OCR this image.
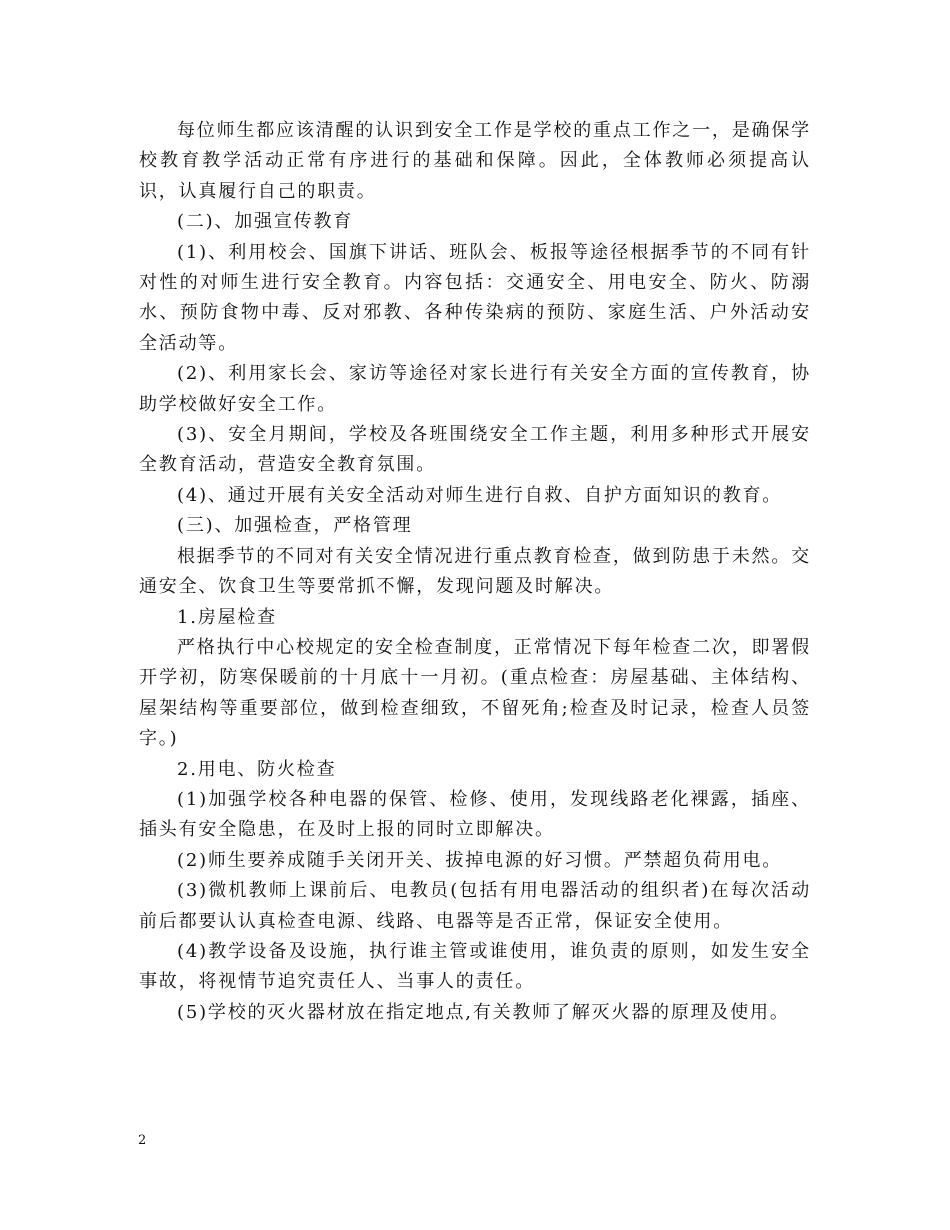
每位师生都应该清醒的认识到安全工作是学校的重点工作之一，是确保学校教育教学活动正常有序进行的基础和保障。因此，全体教师必须提高认识，认真履行自己的职责。

(二)、加强宣传教育

(1)、利用校会、国旗下讲话、班队会、板报等途径根据季节的不同有针对性的对师生进行安全教育。内容包括：交通安全、用电安全、防火、防溺水、预防食物中毒、反对邪教、各种传染病的预防、家庭生活、户外活动安全活动等。

(2)、利用家长会、家访等途径对家长进行有关安全方面的宣传教育，协助学校做好安全工作。

(3)、安全月期间，学校及各班围绕安全工作主题，利用多种形式开展安全教育活动，营造安全教育氛围。

(4)、通过开展有关安全活动对师生进行自救、自护方面知识的教育。

(三)、加强检查，严格管理

根据季节的不同对有关安全情况进行重点教育检查，做到防患于未然。交通安全、饮食卫生等要常抓不懈，发现问题及时解决。

1.房屋检查

严格执行中心校规定的安全检查制度，正常情况下每年检查二次，即署假开学初，防寒保暖前的十月底十一月初。(重点检查：房屋基础、主体结构、屋架结构等重要部位，做到检查细致，不留死角;检查及时记录，检查人员签字。)

2.用电、防火检查

(1)加强学校各种电器的保管、检修、使用，发现线路老化裸露，插座、插头有安全隐患，在及时上报的同时立即解决。

(2)师生要养成随手关闭开关、拔掉电源的好习惯。严禁超负荷用电。

(3)微机教师上课前后、电教员(包括有用电器活动的组织者)在每次活动前后都要认认真检查电源、线路、电器等是否正常，保证安全使用。

(4)教学设备及设施，执行谁主管或谁使用，谁负责的原则，如发生安全事故，将视情节追究责任人、当事人的责任。

(5)学校的灭火器材放在指定地点,有关教师了解灭火器的原理及使用。

2
